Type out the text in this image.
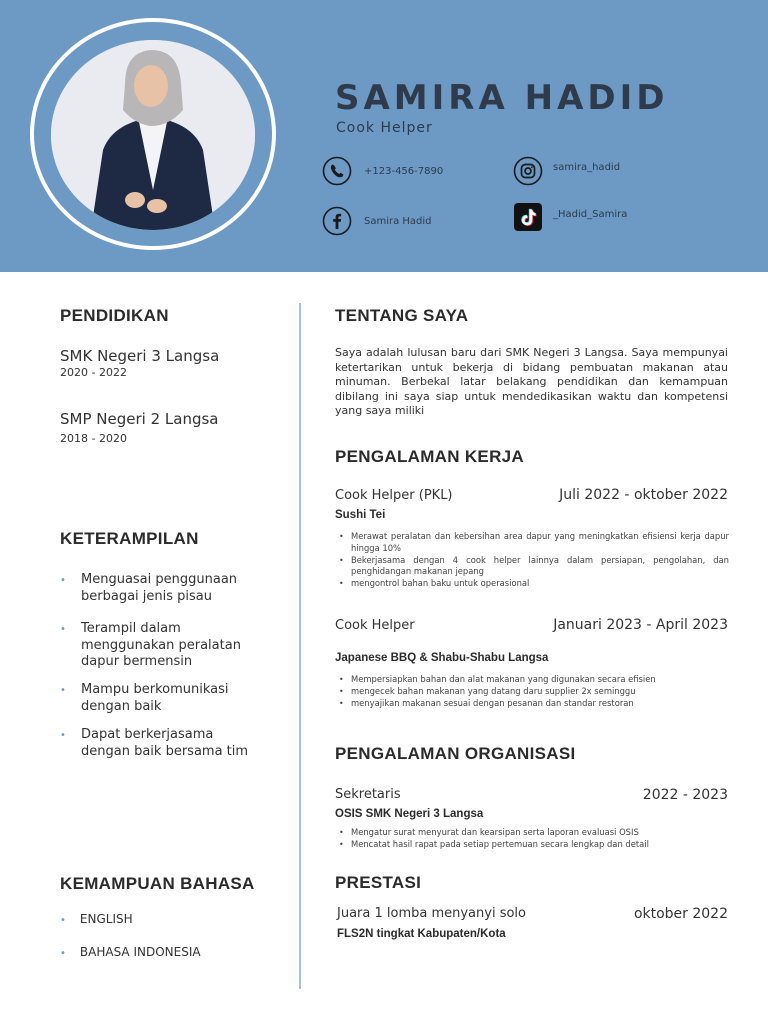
SAMIRA HADID
Cook Helper
+123-456-7890
Samira Hadid
samira_hadid
_Hadid_Samira
PENDIDIKAN
SMK Negeri 3 Langsa
2020 - 2022
SMP Negeri 2 Langsa
2018 - 2020
KETERAMPILAN
• Menguasai penggunaan berbagai jenis pisau
• Terampil dalam menggunakan peralatan dapur bermensin
• Mampu berkomunikasi dengan baik
• Dapat berkerjasama dengan baik bersama tim
KEMAMPUAN BAHASA
• ENGLISH
• BAHASA INDONESIA
TENTANG SAYA
Saya adalah lulusan baru dari SMK Negeri 3 Langsa. Saya mempunyai ketertarikan untuk bekerja di bidang pembuatan makanan atau minuman. Berbekal latar belakang pendidikan dan kemampuan dibilang ini saya siap untuk mendedikasikan waktu dan kompetensi yang saya miliki
PENGALAMAN KERJA
Cook Helper (PKL)	Juli 2022 - oktober 2022
Sushi Tei
• Merawat peralatan dan kebersihan area dapur yang meningkatkan efisiensi kerja dapur hingga 10%
• Bekerjasama dengan 4 cook helper lainnya dalam persiapan, pengolahan, dan penghidangan makanan jepang
• mengontrol bahan baku untuk operasional
Cook Helper	Januari 2023 - April 2023
Japanese BBQ & Shabu-Shabu Langsa
• Mempersiapkan bahan dan alat makanan yang digunakan secara efisien
• mengecek bahan makanan yang datang daru supplier 2x seminggu
• menyajikan makanan sesuai dengan pesanan dan standar restoran
PENGALAMAN ORGANISASI
Sekretaris	2022 - 2023
OSIS SMK Negeri 3 Langsa
• Mengatur surat menyurat dan kearsipan serta laporan evaluasi OSIS
• Mencatat hasil rapat pada setiap pertemuan secara lengkap dan detail
PRESTASI
Juara 1 lomba menyanyi solo	oktober 2022
FLS2N tingkat Kabupaten/Kota
